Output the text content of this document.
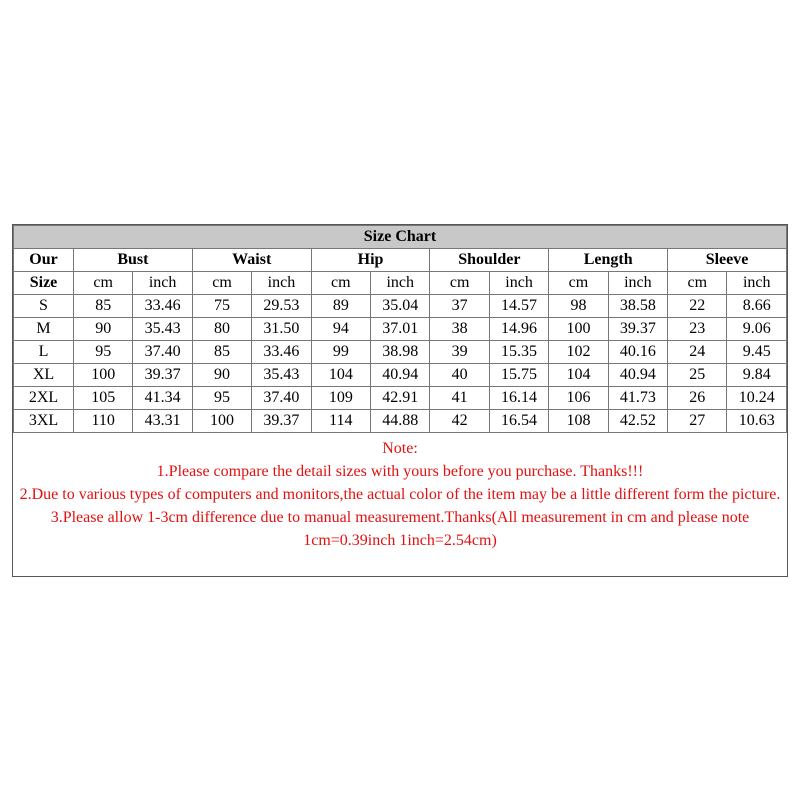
Size Chart												
Our	Bust		Waist		Hip		Shoulder		Length		Sleeve	
Size	cm	inch	cm	inch	cm	inch	cm	inch	cm	inch	cm	inch
S	85	33.46	75	29.53	89	35.04	37	14.57	98	38.58	22	8.66
M	90	35.43	80	31.50	94	37.01	38	14.96	100	39.37	23	9.06
L	95	37.40	85	33.46	99	38.98	39	15.35	102	40.16	24	9.45
XL	100	39.37	90	35.43	104	40.94	40	15.75	104	40.94	25	9.84
2XL	105	41.34	95	37.40	109	42.91	41	16.14	106	41.73	26	10.24
3XL	110	43.31	100	39.37	114	44.88	42	16.54	108	42.52	27	10.63
Note:
1.Please compare the detail sizes with yours before you purchase. Thanks!!!
2.Due to various types of computers and monitors,the actual color of the item may be a little different form the picture.
3.Please allow 1-3cm difference due to manual measurement.Thanks(All measurement in cm and please note 1cm=0.39inch 1inch=2.54cm)
